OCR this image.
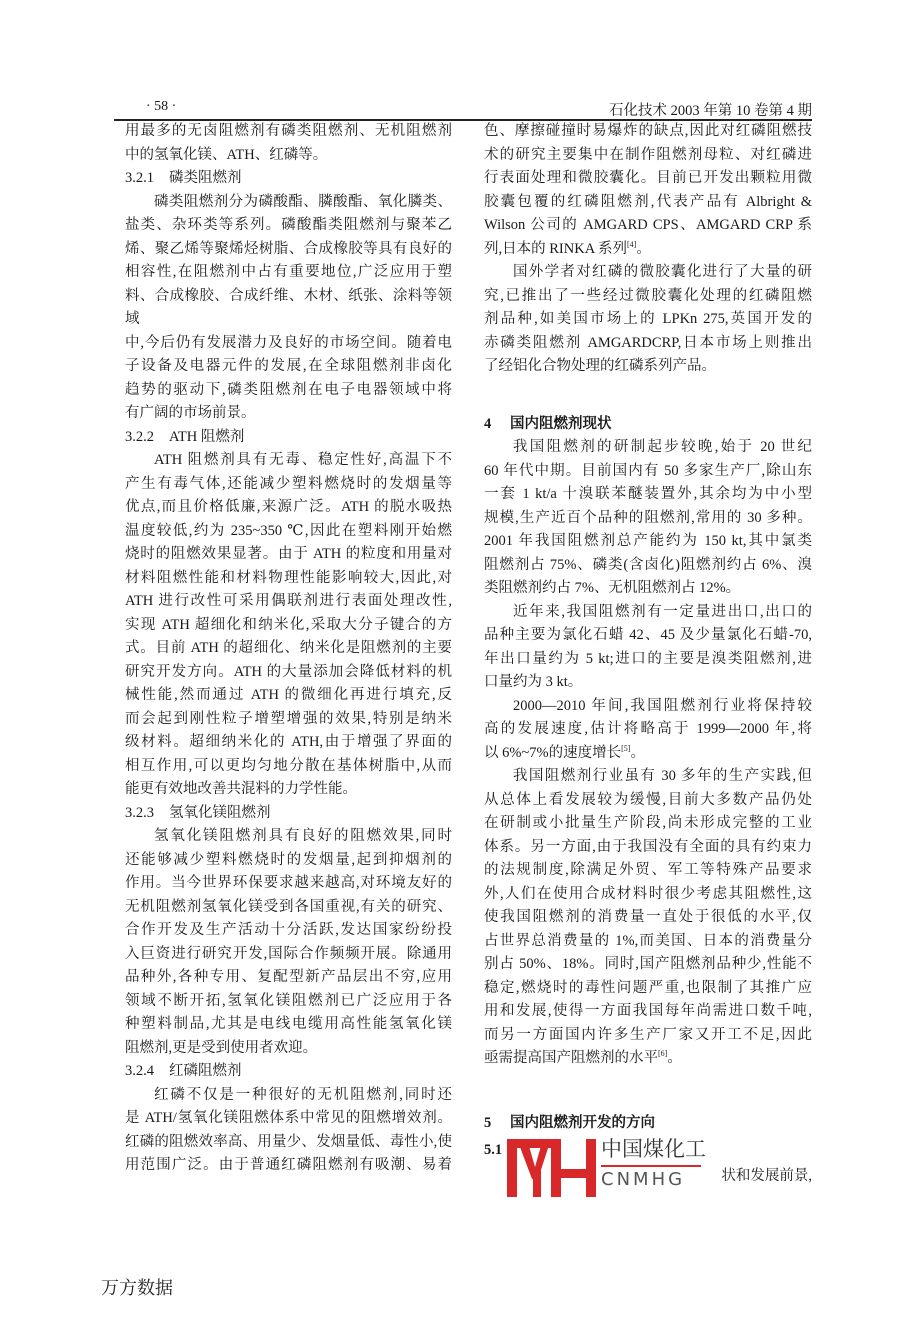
· 58 ·	石化技术 2003 年第 10 卷第 4 期
用最多的无卤阻燃剂有磷类阻燃剂、无机阻燃剂
中的氢氧化镁、ATH、红磷等。
3.2.1 磷类阻燃剂
磷类阻燃剂分为磷酸酯、膦酸酯、氧化膦类、
盐类、杂环类等系列。磷酸酯类阻燃剂与聚苯乙
烯、聚乙烯等聚烯烃树脂、合成橡胶等具有良好的
相容性,在阻燃剂中占有重要地位,广泛应用于塑
料、合成橡胶、合成纤维、木材、纸张、涂料等领域
中,今后仍有发展潜力及良好的市场空间。随着电
子设备及电器元件的发展,在全球阻燃剂非卤化
趋势的驱动下,磷类阻燃剂在电子电器领域中将
有广阔的市场前景。
3.2.2 ATH 阻燃剂
ATH 阻燃剂具有无毒、稳定性好,高温下不
产生有毒气体,还能减少塑料燃烧时的发烟量等
优点,而且价格低廉,来源广泛。ATH 的脱水吸热
温度较低,约为 235~350 ℃,因此在塑料刚开始燃
烧时的阻燃效果显著。由于 ATH 的粒度和用量对
材料阻燃性能和材料物理性能影响较大,因此,对
ATH 进行改性可采用偶联剂进行表面处理改性,
实现 ATH 超细化和纳米化,采取大分子键合的方
式。目前 ATH 的超细化、纳米化是阻燃剂的主要
研究开发方向。ATH 的大量添加会降低材料的机
械性能,然而通过 ATH 的微细化再进行填充,反
而会起到刚性粒子增塑增强的效果,特别是纳米
级材料。超细纳米化的 ATH,由于增强了界面的
相互作用,可以更均匀地分散在基体树脂中,从而
能更有效地改善共混料的力学性能。
3.2.3 氢氧化镁阻燃剂
氢氧化镁阻燃剂具有良好的阻燃效果,同时
还能够减少塑料燃烧时的发烟量,起到抑烟剂的
作用。当今世界环保要求越来越高,对环境友好的
无机阻燃剂氢氧化镁受到各国重视,有关的研究、
合作开发及生产活动十分活跃,发达国家纷纷投
入巨资进行研究开发,国际合作频频开展。除通用
品种外,各种专用、复配型新产品层出不穷,应用
领域不断开拓,氢氧化镁阻燃剂已广泛应用于各
种塑料制品,尤其是电线电缆用高性能氢氧化镁
阻燃剂,更是受到使用者欢迎。
3.2.4 红磷阻燃剂
红磷不仅是一种很好的无机阻燃剂,同时还
是 ATH/氢氧化镁阻燃体系中常见的阻燃增效剂。
红磷的阻燃效率高、用量少、发烟量低、毒性小,使
用范围广泛。由于普通红磷阻燃剂有吸潮、易着
色、摩擦碰撞时易爆炸的缺点,因此对红磷阻燃技
术的研究主要集中在制作阻燃剂母粒、对红磷进
行表面处理和微胶囊化。目前已开发出颗粒用微
胶囊包覆的红磷阻燃剂,代表产品有 Albright &
Wilson 公司的 AMGARD CPS、AMGARD CRP 系
列,日本的 RINKA 系列[4]。
国外学者对红磷的微胶囊化进行了大量的研
究,已推出了一些经过微胶囊化处理的红磷阻燃
剂品种,如美国市场上的 LPKn 275,英国开发的
赤磷类阻燃剂 AMGARDCRP,日本市场上则推出
了经铝化合物处理的红磷系列产品。
4 国内阻燃剂现状
我国阻燃剂的研制起步较晚,始于 20 世纪
60 年代中期。目前国内有 50 多家生产厂,除山东
一套 1 kt/a 十溴联苯醚装置外,其余均为中小型
规模,生产近百个品种的阻燃剂,常用的 30 多种。
2001 年我国阻燃剂总产能约为 150 kt,其中氯类
阻燃剂占 75%、磷类(含卤化)阻燃剂约占 6%、溴
类阻燃剂约占 7%、无机阻燃剂占 12%。
近年来,我国阻燃剂有一定量进出口,出口的
品种主要为氯化石蜡 42、45 及少量氯化石蜡-70,
年出口量约为 5 kt;进口的主要是溴类阻燃剂,进
口量约为 3 kt。
2000—2010 年间,我国阻燃剂行业将保持较
高的发展速度,估计将略高于 1999—2000 年,将
以 6%~7%的速度增长[5]。
我国阻燃剂行业虽有 30 多年的生产实践,但
从总体上看发展较为缓慢,目前大多数产品仍处
在研制或小批量生产阶段,尚未形成完整的工业
体系。另一方面,由于我国没有全面的具有约束力
的法规制度,除满足外贸、军工等特殊产品要求
外,人们在使用合成材料时很少考虑其阻燃性,这
使我国阻燃剂的消费量一直处于很低的水平,仅
占世界总消费量的 1%,而美国、日本的消费量分
别占 50%、18%。同时,国产阻燃剂品种少,性能不
稳定,燃烧时的毒性问题严重,也限制了其推广应
用和发展,使得一方面我国每年尚需进口数千吨,
而另一方面国内许多生产厂家又开工不足,因此
亟需提高国产阻燃剂的水平[6]。
5 国内阻燃剂开发的方向
5.1	中国煤化工
CNMHG	状和发展前景,
万方数据
